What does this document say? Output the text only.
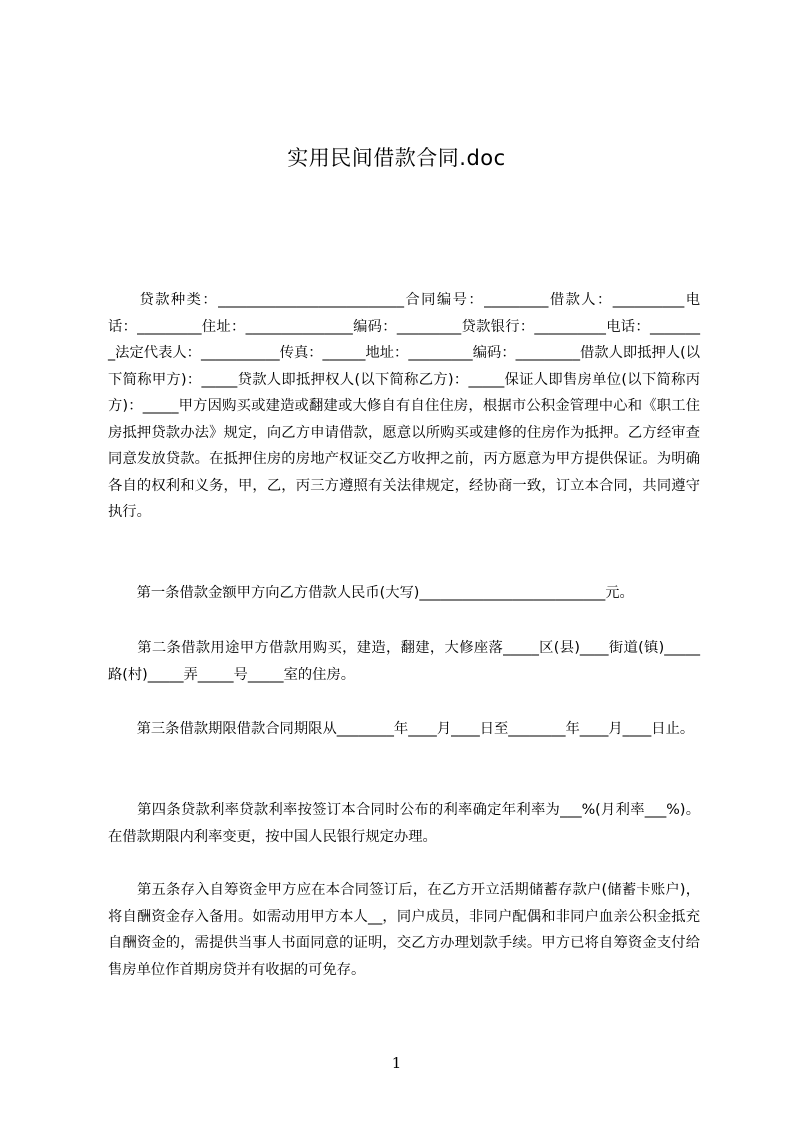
实用民间借款合同.doc
　　贷款种类：__________________________合同编号：_________借款人：__________电话：_________住址：_______________编码：_________贷款银行：__________电话：________法定代表人：___________传真：______地址：_________编码：_________借款人即抵押人(以下简称甲方)：_____贷款人即抵押权人(以下简称乙方)：_____保证人即售房单位(以下简称丙方)：_____甲方因购买或建造或翻建或大修自有自住住房，根据市公积金管理中心和《职工住房抵押贷款办法》规定，向乙方申请借款，愿意以所购买或建修的住房作为抵押。乙方经审查同意发放贷款。在抵押住房的房地产权证交乙方收押之前，丙方愿意为甲方提供保证。为明确各自的权利和义务，甲，乙，丙三方遵照有关法律规定，经协商一致，订立本合同，共同遵守执行。
　　第一条借款金额甲方向乙方借款人民币(大写)__________________________元。
　　第二条借款用途甲方借款用购买，建造，翻建，大修座落_____区(县)____街道(镇)_____路(村)_____弄_____号_____室的住房。
　　第三条借款期限借款合同期限从________年____月____日至________年____月____日止。
　　第四条贷款利率贷款利率按签订本合同时公布的利率确定年利率为___%(月利率___%)。在借款期限内利率变更，按中国人民银行规定办理。
　　第五条存入自筹资金甲方应在本合同签订后，在乙方开立活期储蓄存款户(储蓄卡账户)，将自酬资金存入备用。如需动用甲方本人__，同户成员，非同户配偶和非同户血亲公积金抵充自酬资金的，需提供当事人书面同意的证明，交乙方办理划款手续。甲方已将自筹资金支付给售房单位作首期房贷并有收据的可免存。
1
